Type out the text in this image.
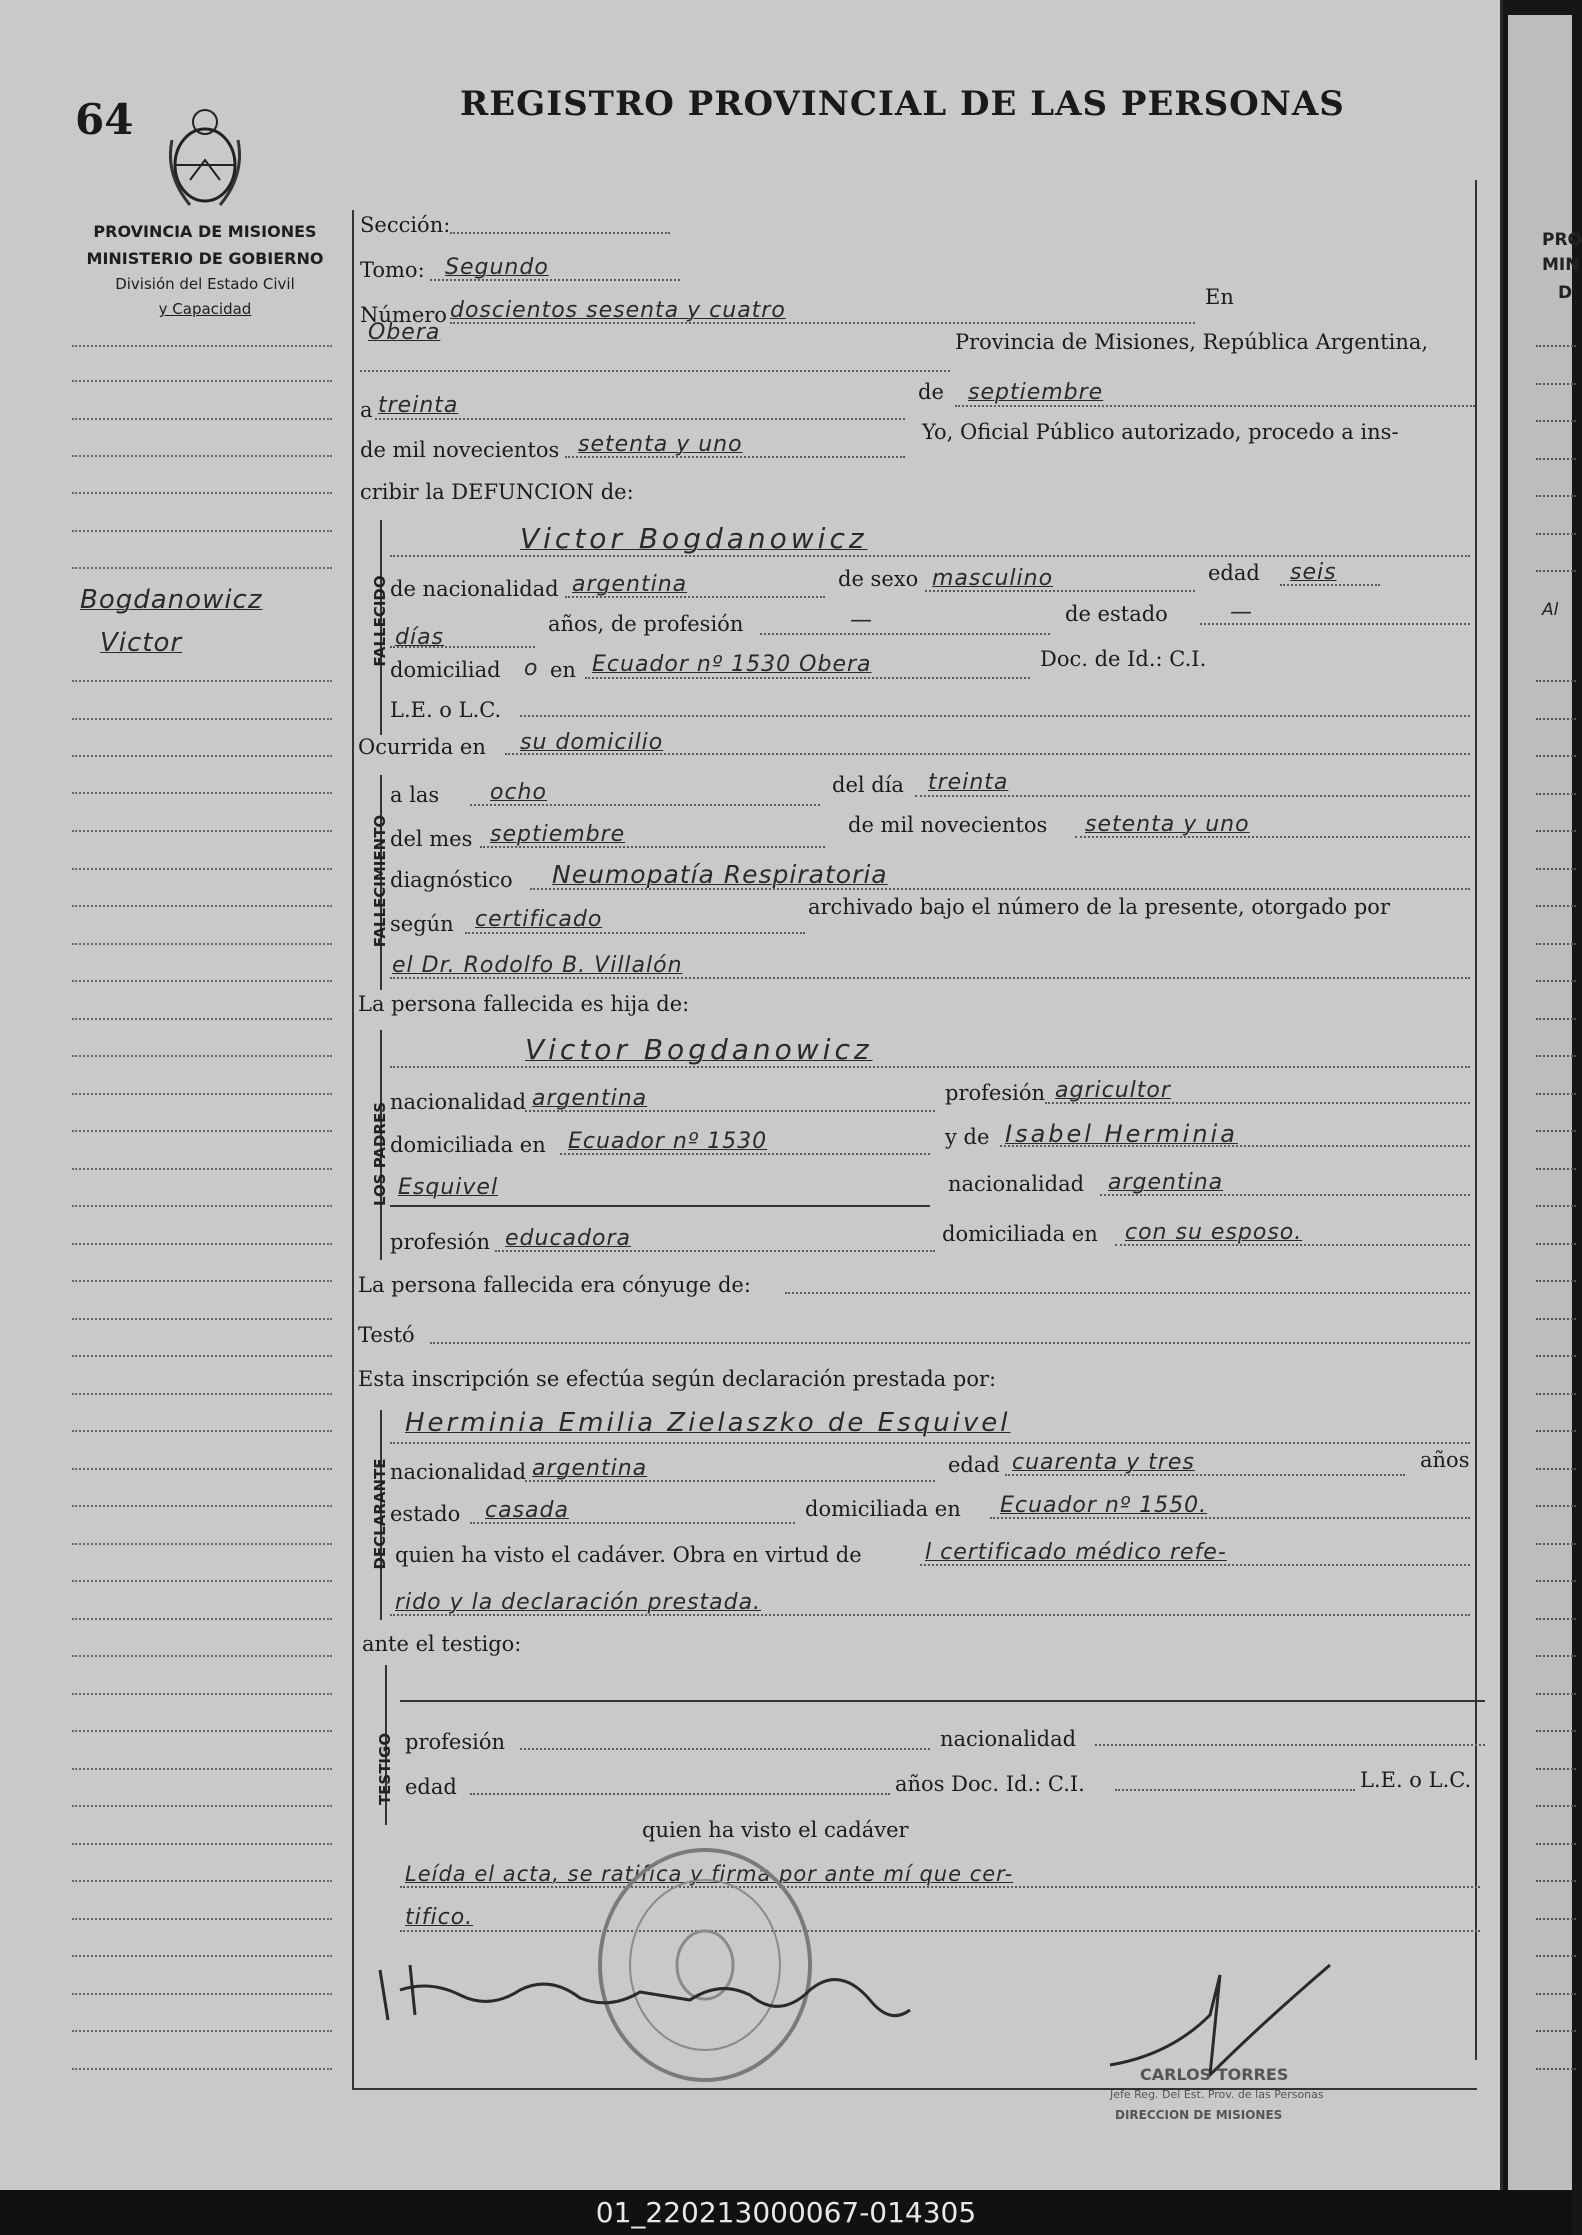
64	REGISTRO PROVINCIAL DE LAS PERSONAS
PROVINCIA DE MISIONES
MINISTERIO DE GOBIERNO
División del Estado Civil
y Capacidad
Bogdanowicz
Victor
Sección:
Tomo: Segundo
Número doscientos sesenta y cuatro
En
Obera	Provincia de Misiones, República Argentina,
a treinta
de septiembre
de mil novecientos setenta y uno	Yo, Oficial Público autorizado, procedo a ins-
cribir la DEFUNCION de:
FALLECIDO
Victor Bogdanowicz
de nacionalidad argentina	de sexo masculino	edad seis
días
años, de profesión	—	de estado	—
domiciliad o en Ecuador nº 1530 Obera	Doc. de Id.: C.I.
L.E. o L.C.
Ocurrida en su domicilio
FALLECIMIENTO
a las ocho	del día treinta
del mes septiembre	de mil novecientos setenta y uno
diagnóstico Neumopatía Respiratoria
según certificado	archivado bajo el número de la presente, otorgado por
el Dr. Rodolfo B. Villalón
La persona fallecida es hija de:
LOS PADRES
Victor Bogdanowicz
nacionalidad argentina	profesión agricultor
domiciliada en Ecuador nº 1530	y de Isabel Herminia
Esquivel	nacionalidad argentina
profesión educadora	domiciliada en con su esposo.
La persona fallecida era cónyuge de:
Testó
Esta inscripción se efectúa según declaración prestada por:
DECLARANTE
Herminia Emilia Zielaszko de Esquivel
nacionalidad argentina	edad cuarenta y tres	años
estado casada	domiciliada en Ecuador nº 1550.
quien ha visto el cadáver. Obra en virtud de	l certificado médico refe-
rido y la declaración prestada.
ante el testigo:
TESTIGO profesión	nacionalidad
edad	años Doc. Id.: C.I.	L.E. o L.C.
quien ha visto el cadáver
Leída el acta, se ratifica y firma por ante mí que cer-
tifico.
CARLOS TORRES
Jefe Reg. Del Est. Prov. de las Personas
DIRECCION DE MISIONES
PRO
MIN
D
Al
01_220213000067-014305
